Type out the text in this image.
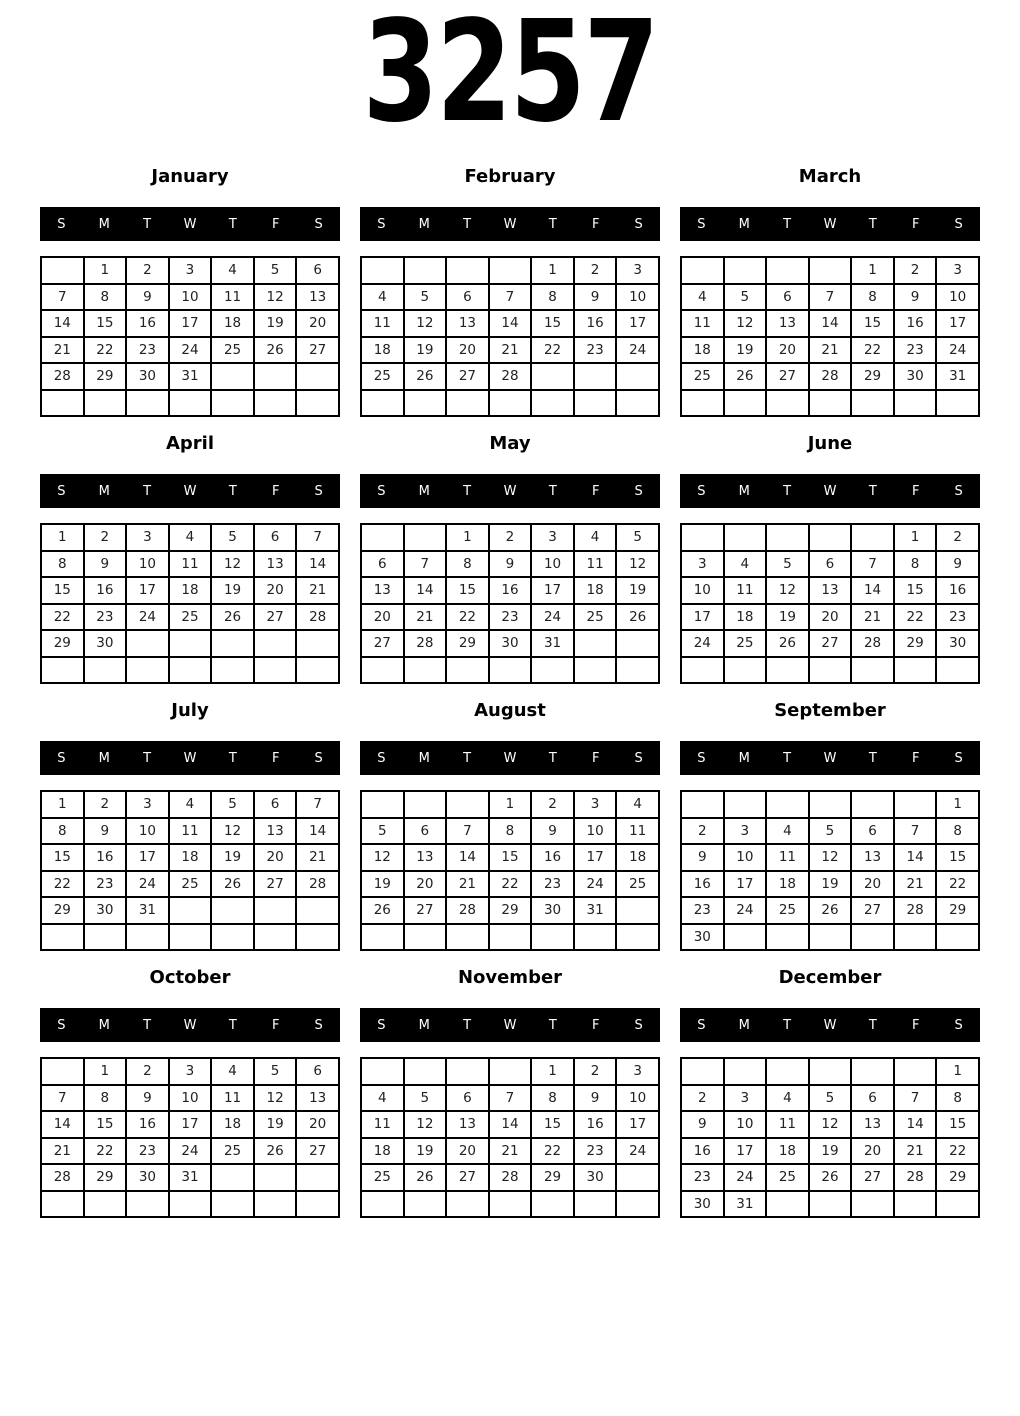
3257
January
S	M	T	W	T	F	S
	1	2	3	4	5	6
7	8	9	10	11	12	13
14	15	16	17	18	19	20
21	22	23	24	25	26	27
28	29	30	31			

February
S	M	T	W	T	F	S
				1	2	3
4	5	6	7	8	9	10
11	12	13	14	15	16	17
18	19	20	21	22	23	24
25	26	27	28			

March
S	M	T	W	T	F	S
				1	2	3
4	5	6	7	8	9	10
11	12	13	14	15	16	17
18	19	20	21	22	23	24
25	26	27	28	29	30	31

April
S	M	T	W	T	F	S
1	2	3	4	5	6	7
8	9	10	11	12	13	14
15	16	17	18	19	20	21
22	23	24	25	26	27	28
29	30					

May
S	M	T	W	T	F	S
		1	2	3	4	5
6	7	8	9	10	11	12
13	14	15	16	17	18	19
20	21	22	23	24	25	26
27	28	29	30	31		

June
S	M	T	W	T	F	S
					1	2
3	4	5	6	7	8	9
10	11	12	13	14	15	16
17	18	19	20	21	22	23
24	25	26	27	28	29	30

July
S	M	T	W	T	F	S
1	2	3	4	5	6	7
8	9	10	11	12	13	14
15	16	17	18	19	20	21
22	23	24	25	26	27	28
29	30	31				

August
S	M	T	W	T	F	S
			1	2	3	4
5	6	7	8	9	10	11
12	13	14	15	16	17	18
19	20	21	22	23	24	25
26	27	28	29	30	31	

September
S	M	T	W	T	F	S
						1
2	3	4	5	6	7	8
9	10	11	12	13	14	15
16	17	18	19	20	21	22
23	24	25	26	27	28	29
30						
October
S	M	T	W	T	F	S
	1	2	3	4	5	6
7	8	9	10	11	12	13
14	15	16	17	18	19	20
21	22	23	24	25	26	27
28	29	30	31			

November
S	M	T	W	T	F	S
				1	2	3
4	5	6	7	8	9	10
11	12	13	14	15	16	17
18	19	20	21	22	23	24
25	26	27	28	29	30	

December
S	M	T	W	T	F	S
						1
2	3	4	5	6	7	8
9	10	11	12	13	14	15
16	17	18	19	20	21	22
23	24	25	26	27	28	29
30	31					
